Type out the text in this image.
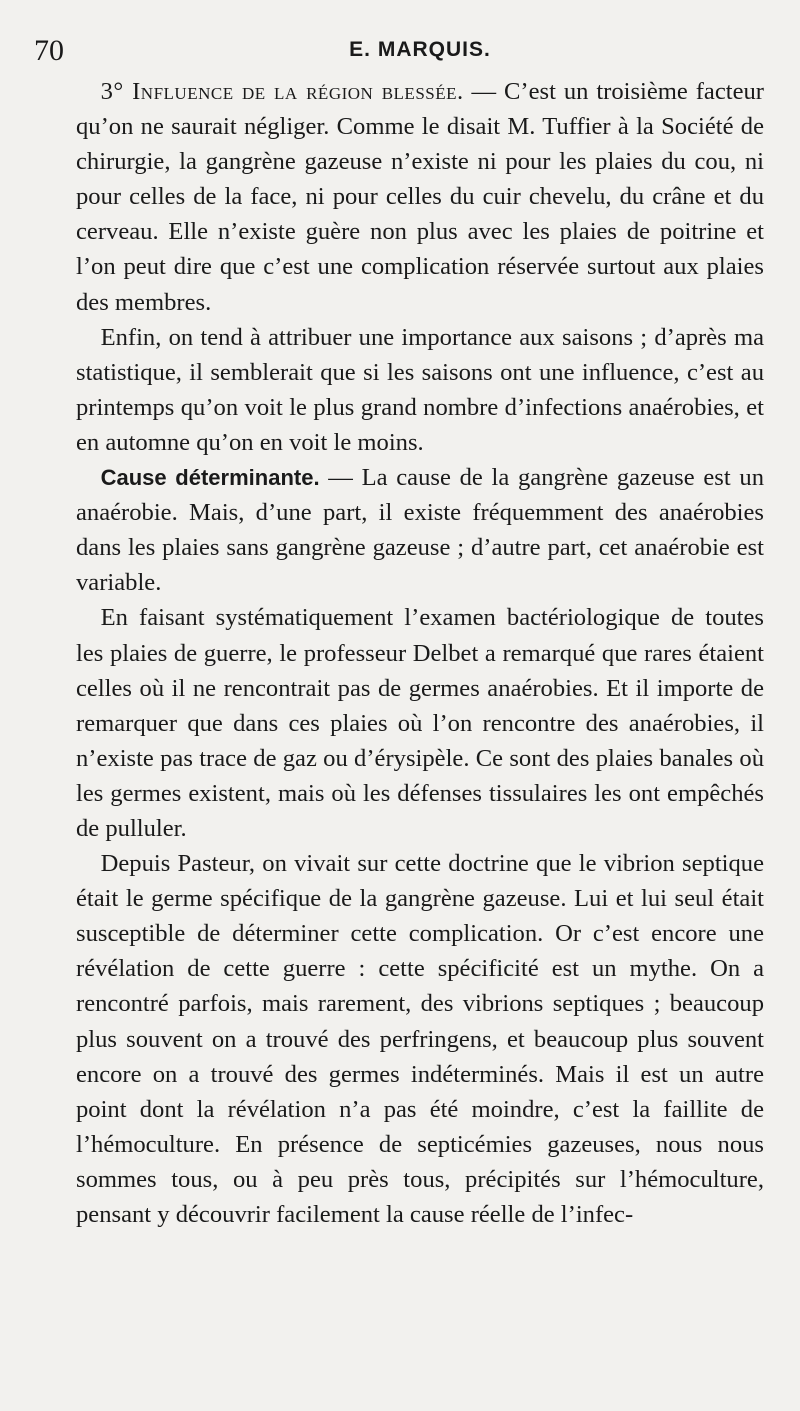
70	E. MARQUIS.

 3° Influence de la région blessée. — C’est un troisième facteur qu’on ne saurait négliger. Comme le disait M. Tuffier à la Société de chirurgie, la gangrène gazeuse n’existe ni pour les plaies du cou, ni pour celles de la face, ni pour celles du cuir chevelu, du crâne et du cerveau. Elle n’existe guère non plus avec les plaies de poitrine et l’on peut dire que c’est une complication réservée surtout aux plaies des membres.

 Enfin, on tend à attribuer une importance aux saisons ; d’après ma statistique, il semblerait que si les saisons ont une influence, c’est au printemps qu’on voit le plus grand nombre d’infections anaérobies, et en automne qu’on en voit le moins.

 Cause déterminante. — La cause de la gangrène gazeuse est un anaérobie. Mais, d’une part, il existe fréquemment des anaérobies dans les plaies sans gangrène gazeuse ; d’autre part, cet anaérobie est variable.

 En faisant systématiquement l’examen bactériologique de toutes les plaies de guerre, le professeur Delbet a remarqué que rares étaient celles où il ne rencontrait pas de germes anaérobies. Et il importe de remarquer que dans ces plaies où l’on rencontre des anaérobies, il n’existe pas trace de gaz ou d’érysipèle. Ce sont des plaies banales où les germes existent, mais où les défenses tissulaires les ont empêchés de pulluler.

 Depuis Pasteur, on vivait sur cette doctrine que le vibrion septique était le germe spécifique de la gangrène gazeuse. Lui et lui seul était susceptible de déterminer cette complication. Or c’est encore une révélation de cette guerre : cette spécificité est un mythe. On a rencontré parfois, mais rarement, des vibrions septiques ; beaucoup plus souvent on a trouvé des perfringens, et beaucoup plus souvent encore on a trouvé des germes indéterminés. Mais il est un autre point dont la révélation n’a pas été moindre, c’est la faillite de l’hémoculture. En présence de septicémies gazeuses, nous nous sommes tous, ou à peu près tous, précipités sur l’hémoculture, pensant y découvrir facilement la cause réelle de l’infec-
